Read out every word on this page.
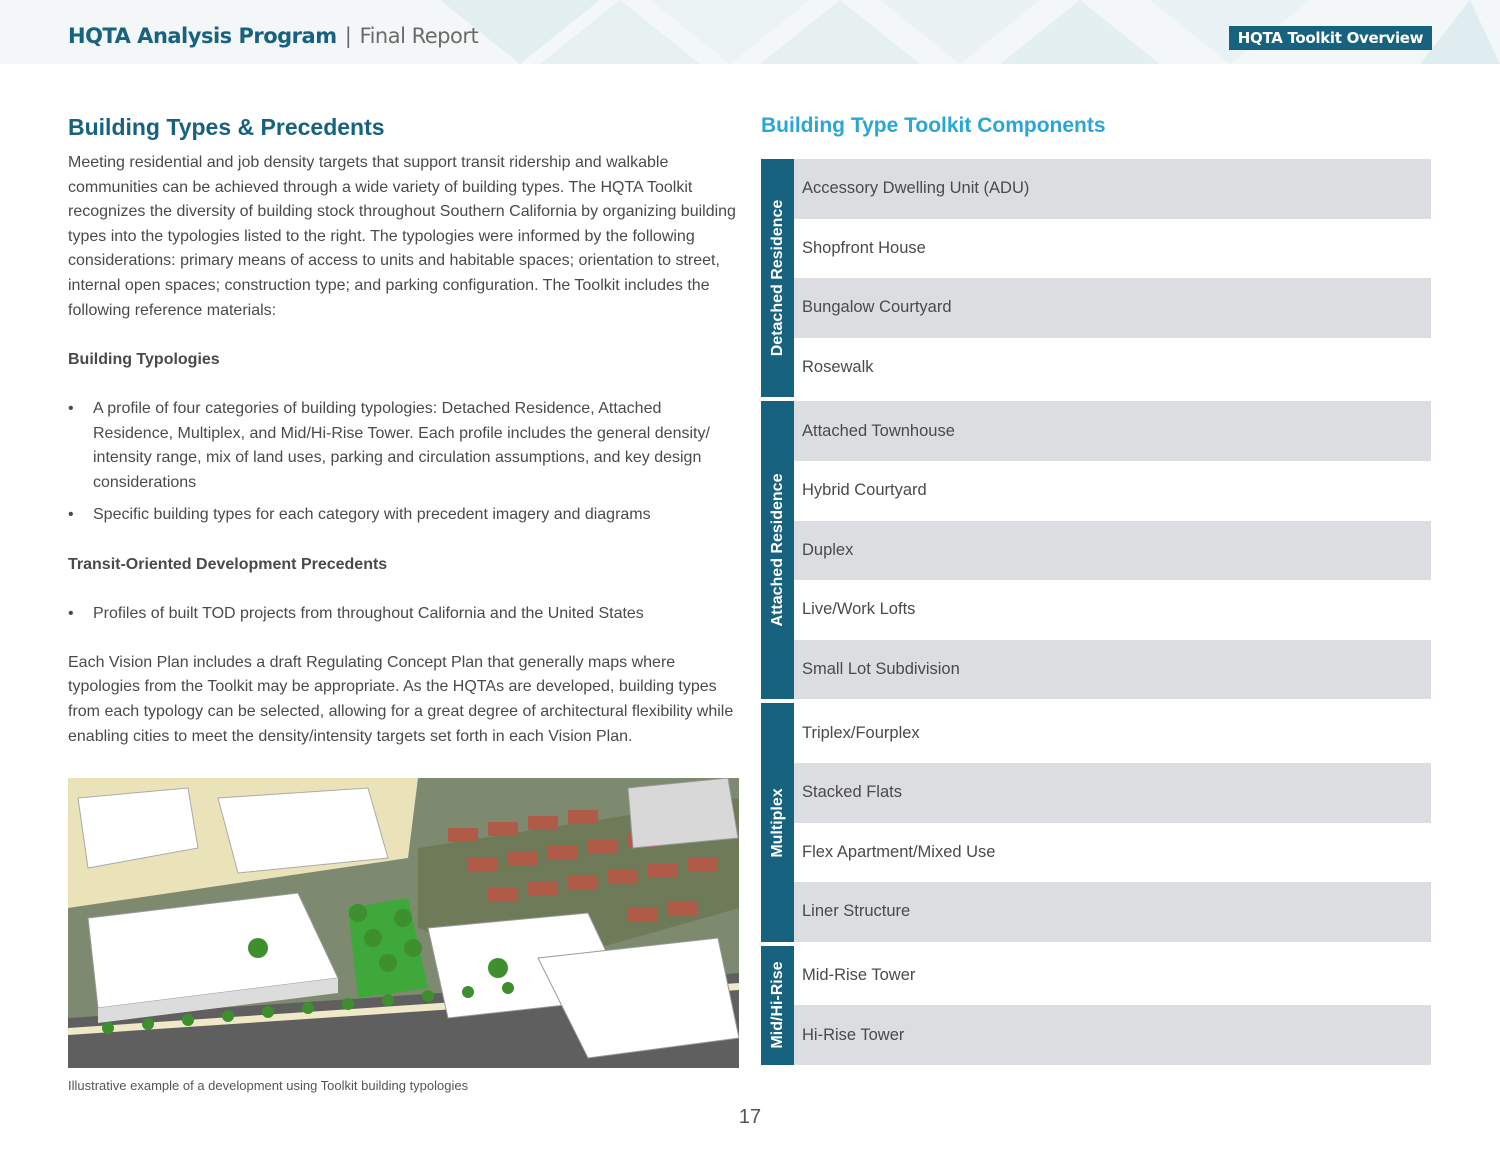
HQTA Analysis Program | Final Report	HQTA Toolkit Overview
Building Types & Precedents

Meeting residential and job density targets that support transit ridership and walkable communities can be achieved through a wide variety of building types. The HQTA Toolkit recognizes the diversity of building stock throughout Southern California by organizing building types into the typologies listed to the right. The typologies were informed by the following considerations: primary means of access to units and habitable spaces; orientation to street, internal open spaces; construction type; and parking configuration. The Toolkit includes the following reference materials:

Building Typologies

• A profile of four categories of building typologies: Detached Residence, Attached Residence, Multiplex, and Mid/Hi-Rise Tower. Each profile includes the general density/ intensity range, mix of land uses, parking and circulation assumptions, and key design considerations
• Specific building types for each category with precedent imagery and diagrams

Transit-Oriented Development Precedents

• Profiles of built TOD projects from throughout California and the United States

Each Vision Plan includes a draft Regulating Concept Plan that generally maps where typologies from the Toolkit may be appropriate. As the HQTAs are developed, building types from each typology can be selected, allowing for a great degree of architectural flexibility while enabling cities to meet the density/intensity targets set forth in each Vision Plan.

Illustrative example of a development using Toolkit building typologies
Building Type Toolkit Components
Detached Residence
Accessory Dwelling Unit (ADU)
Shopfront House
Bungalow Courtyard
Rosewalk
Attached Residence
Attached Townhouse
Hybrid Courtyard
Duplex
Live/Work Lofts
Small Lot Subdivision
Multiplex
Triplex/Fourplex
Stacked Flats
Flex Apartment/Mixed Use
Liner Structure
Mid/Hi-Rise	Mid-Rise Tower
Hi-Rise Tower
17
